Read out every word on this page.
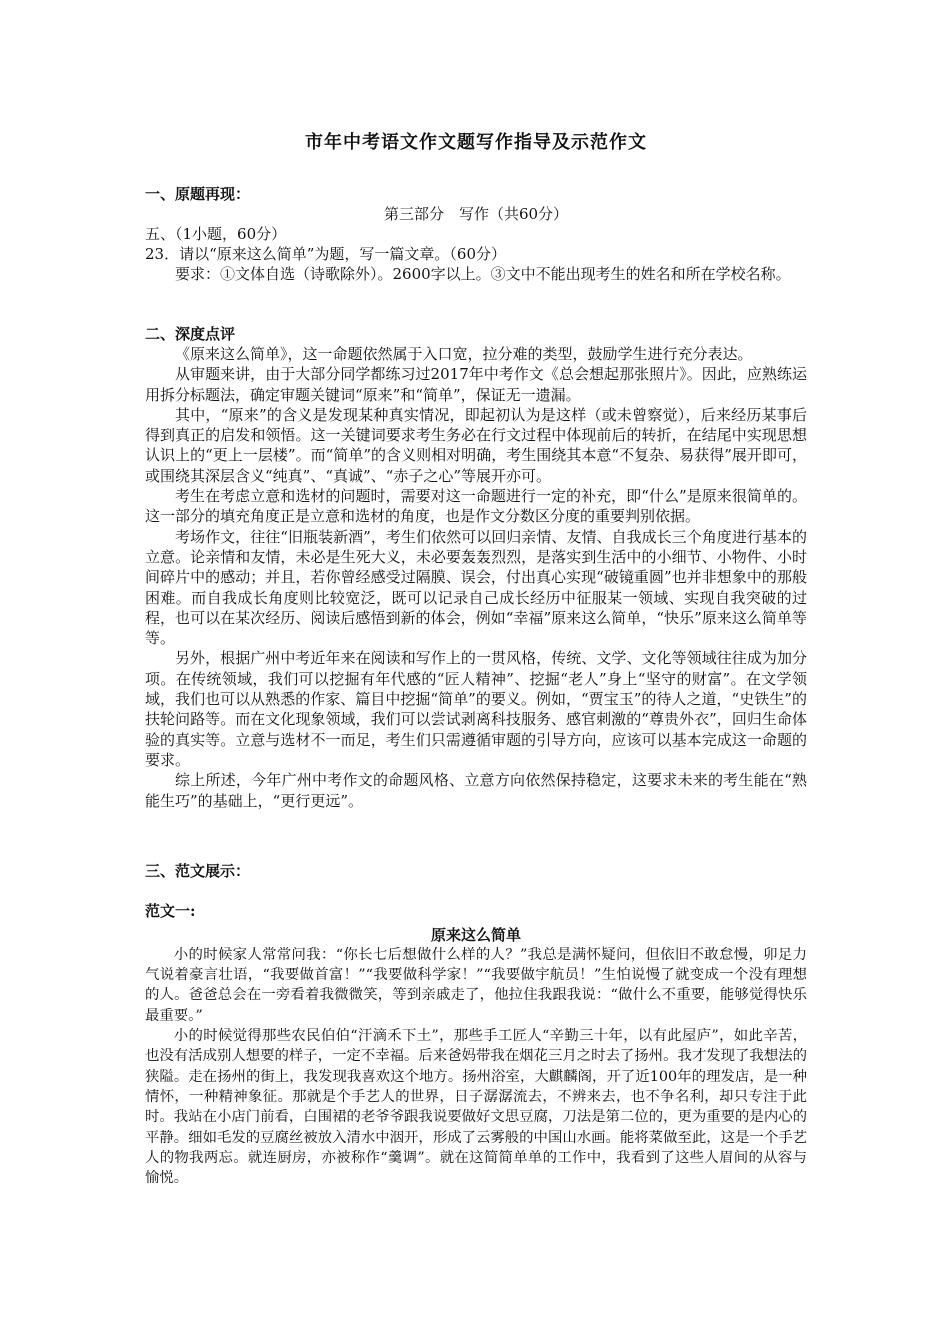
市年中考语文作文题写作指导及示范作文
一、原题再现：
第三部分　写作（共60分）
五、（1小题，60分）
23．请以“原来这么简单”为题，写一篇文章。（60分）
要求：①文体自选（诗歌除外）。2600字以上。③文中不能出现考生的姓名和所在学校名称。
二、深度点评

《原来这么简单》，这一命题依然属于入口宽，拉分难的类型，鼓励学生进行充分表达。

从审题来讲，由于大部分同学都练习过2017年中考作文《总会想起那张照片》。因此，应熟练运用拆分标题法，确定审题关键词“原来”和“简单”，保证无一遗漏。

其中，“原来”的含义是发现某种真实情况，即起初认为是这样（或未曾察觉），后来经历某事后得到真正的启发和领悟。这一关键词要求考生务必在行文过程中体现前后的转折，在结尾中实现思想认识上的“更上一层楼”。而“简单”的含义则相对明确，考生围绕其本意“不复杂、易获得”展开即可，或围绕其深层含义“纯真”、“真诚”、“赤子之心”等展开亦可。

考生在考虑立意和选材的问题时，需要对这一命题进行一定的补充，即“什么”是原来很简单的。这一部分的填充角度正是立意和选材的角度，也是作文分数区分度的重要判别依据。

考场作文，往往“旧瓶装新酒”，考生们依然可以回归亲情、友情、自我成长三个角度进行基本的立意。论亲情和友情，未必是生死大义，未必要轰轰烈烈，是落实到生活中的小细节、小物件、小时间碎片中的感动；并且，若你曾经感受过隔膜、误会，付出真心实现“破镜重圆”也并非想象中的那般困难。而自我成长角度则比较宽泛，既可以记录自己成长经历中征服某一领域、实现自我突破的过程，也可以在某次经历、阅读后感悟到新的体会，例如“幸福”原来这么简单，“快乐”原来这么简单等等。

另外，根据广州中考近年来在阅读和写作上的一贯风格，传统、文学、文化等领域往往成为加分项。在传统领域，我们可以挖掘有年代感的“匠人精神”、挖掘“老人”身上“坚守的财富”。在文学领域，我们也可以从熟悉的作家、篇目中挖掘“简单”的要义。例如，“贾宝玉”的待人之道，“史铁生”的扶轮问路等。而在文化现象领域，我们可以尝试剥离科技服务、感官刺激的“尊贵外衣”，回归生命体验的真实等。立意与选材不一而足，考生们只需遵循审题的引导方向，应该可以基本完成这一命题的要求。

综上所述，今年广州中考作文的命题风格、立意方向依然保持稳定，这要求未来的考生能在“熟能生巧”的基础上，“更行更远”。

三、范文展示：
范文一:
原来这么简单

小的时候家人常常问我：“你长七后想做什么样的人？”我总是满怀疑问，但依旧不敢怠慢，卯足力气说着豪言壮语，“我要做首富！”“我要做科学家！”“我要做宇航员！”生怕说慢了就变成一个没有理想的人。爸爸总会在一旁看着我微微笑，等到亲戚走了，他拉住我跟我说：“做什么不重要，能够觉得快乐最重要。”

小的时候觉得那些农民伯伯“汗滴禾下土”，那些手工匠人“辛勤三十年，以有此屋庐”，如此辛苦，也没有活成别人想要的样子，一定不幸福。后来爸妈带我在烟花三月之时去了扬州。我才发现了我想法的狭隘。走在扬州的街上，我发现我喜欢这个地方。扬州浴室，大麒麟阁，开了近100年的理发店，是一种情怀，一种精神象征。那就是个手艺人的世界，日子潺潺流去，不辨来去，也不争名利，却只专注于此时。我站在小店门前看，白围裙的老爷爷跟我说要做好文思豆腐，刀法是第二位的，更为重要的是内心的平静。细如毛发的豆腐丝被放入清水中洇开，形成了云雾般的中国山水画。能将菜做至此，这是一个手艺人的物我两忘。就连厨房，亦被称作“羹调”。就在这简简单单的工作中，我看到了这些人眉间的从容与愉悦。
